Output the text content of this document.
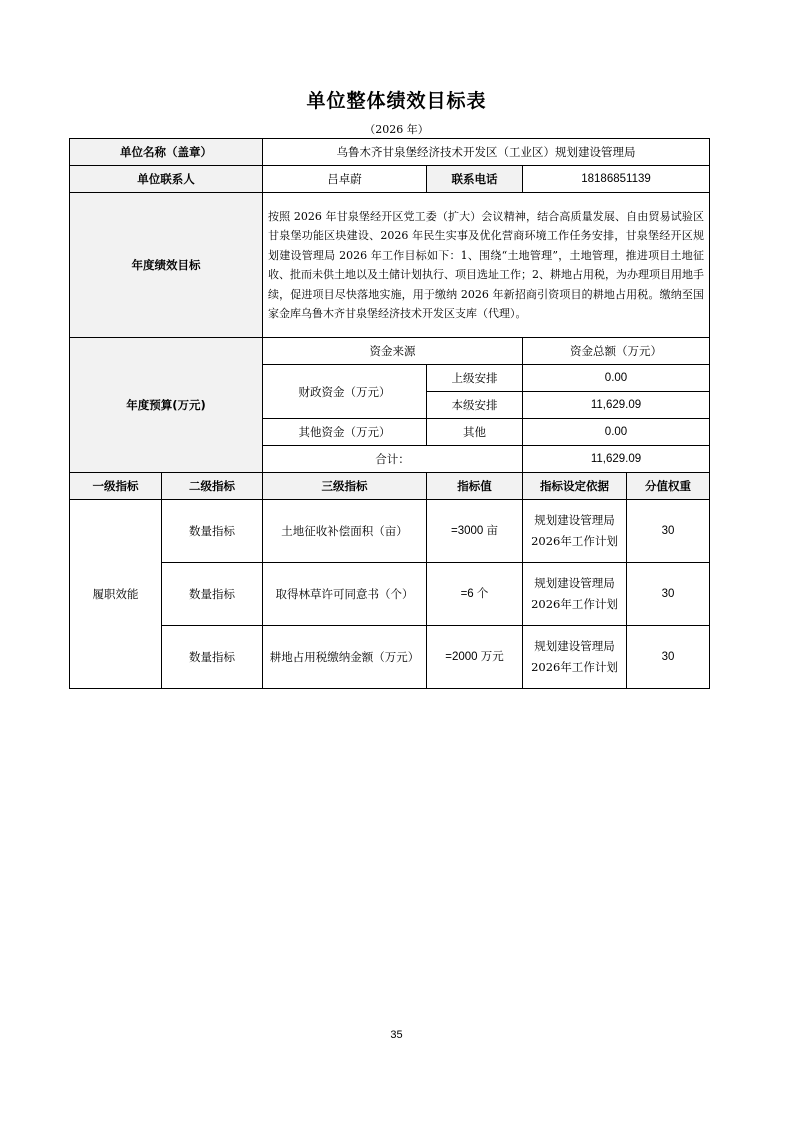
单位整体绩效目标表
（2026 年）
单位名称（盖章）		乌鲁木齐甘泉堡经济技术开发区（工业区）规划建设管理局			
单位联系人		吕卓蔚	联系电话	18186851139	
年度绩效目标		按照 2026 年甘泉堡经开区党工委（扩大）会议精神，结合高质量发展、自由贸易试验区甘泉堡功能区块建设、2026 年民生实事及优化营商环境工作任务安排，甘泉堡经开区规划建设管理局 2026 年工作目标如下：1、围绕“土地管理”，土地管理，推进项目土地征收、批而未供土地以及土储计划执行、项目选址工作；2、耕地占用税，为办理项目用地手续，促进项目尽快落地实施，用于缴纳 2026 年新招商引资项目的耕地占用税。缴纳至国家金库乌鲁木齐甘泉堡经济技术开发区支库（代理）。			
年度预算(万元)		资金来源		资金总额（万元）	
		财政资金（万元）	上级安排	0.00	
			本级安排	11,629.09	
		其他资金（万元）	其他	0.00	
		合计：		11,629.09	
一级指标	二级指标	三级指标	指标值	指标设定依据	分值权重
履职效能	数量指标	土地征收补偿面积（亩）	=3000 亩	规划建设管理局2026年工作计划	30
	数量指标	取得林草许可同意书（个）	=6 个	规划建设管理局2026年工作计划	30
	数量指标	耕地占用税缴纳金额（万元）	=2000 万元	规划建设管理局2026年工作计划	30
35
